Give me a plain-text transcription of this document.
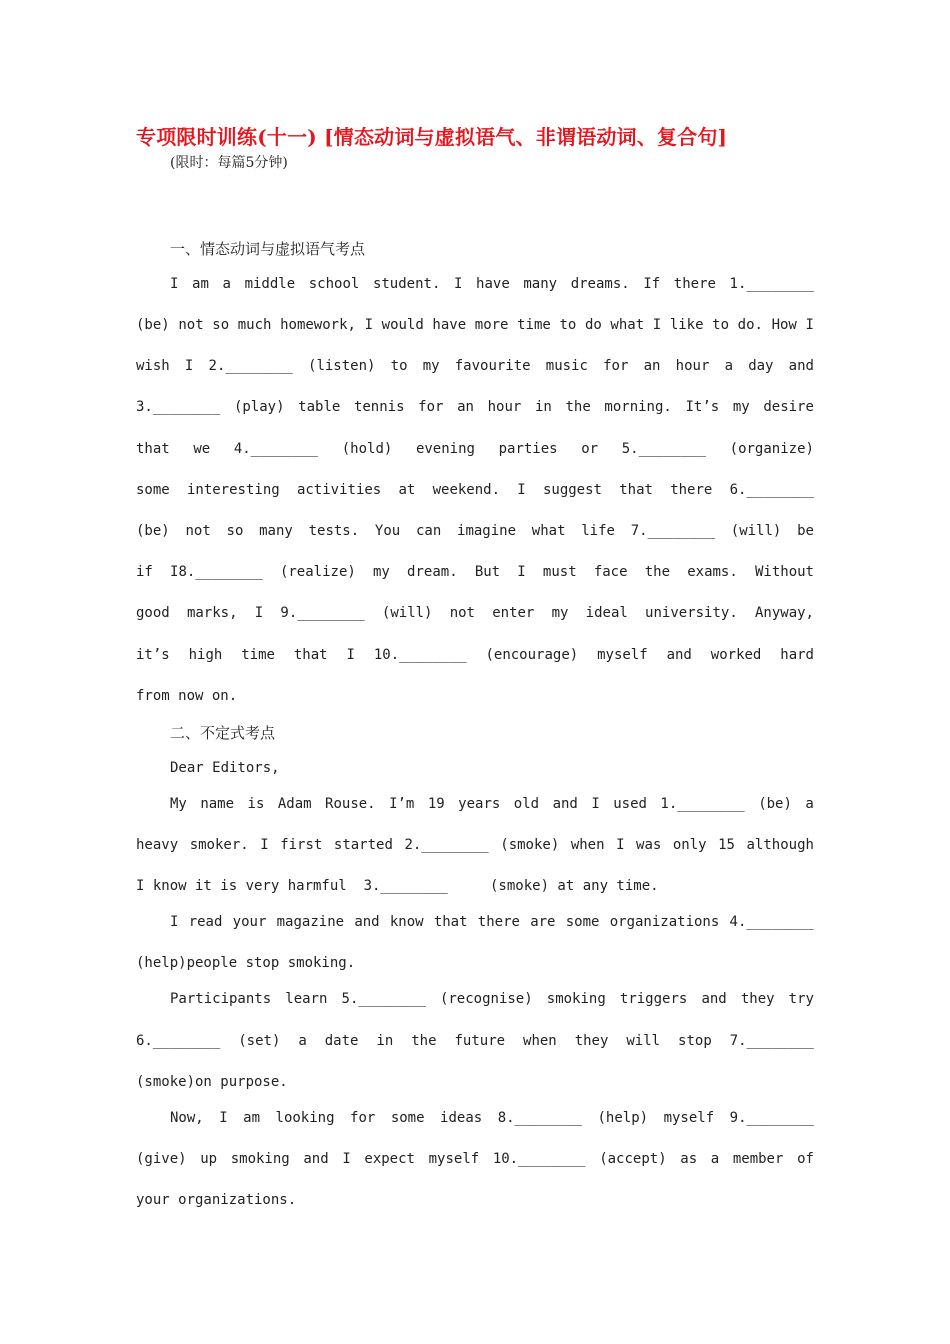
专项限时训练(十一) [情态动词与虚拟语气、非谓语动词、复合句]
(限时：每篇5分钟)
一、情态动词与虚拟语气考点
I am a middle school student. I have many dreams. If there 1.________
(be) not so much homework, I would have more time to do what I like to do. How I
wish I 2.________ (listen) to my favourite music for an hour a day and
3.________ (play) table tennis for an hour in the morning. It’s my desire
that we 4.________ (hold) evening parties or 5.________ (organize)
some interesting activities at weekend. I suggest that there 6.________
(be) not so many tests. You can imagine what life 7.________ (will) be
if I8.________ (realize) my dream. But I must face the exams. Without
good marks, I 9.________ (will) not enter my ideal university. Anyway,
it’s high time that I 10.________ (encourage) myself and worked hard
from now on.
二、不定式考点
Dear Editors,
My name is Adam Rouse. I’m 19 years old and I used 1.________ (be) a
heavy smoker. I first started 2.________ (smoke) when I was only 15 although
I know it is very harmful  3.________     (smoke) at any time.
I read your magazine and know that there are some organizations 4.________
(help)people stop smoking.
Participants learn 5.________ (recognise) smoking triggers and they try
6.________ (set) a date in the future when they will stop 7.________
(smoke)on purpose.
Now, I am looking for some ideas 8.________ (help) myself 9.________
(give) up smoking and I expect myself 10.________ (accept) as a member of
your organizations.
